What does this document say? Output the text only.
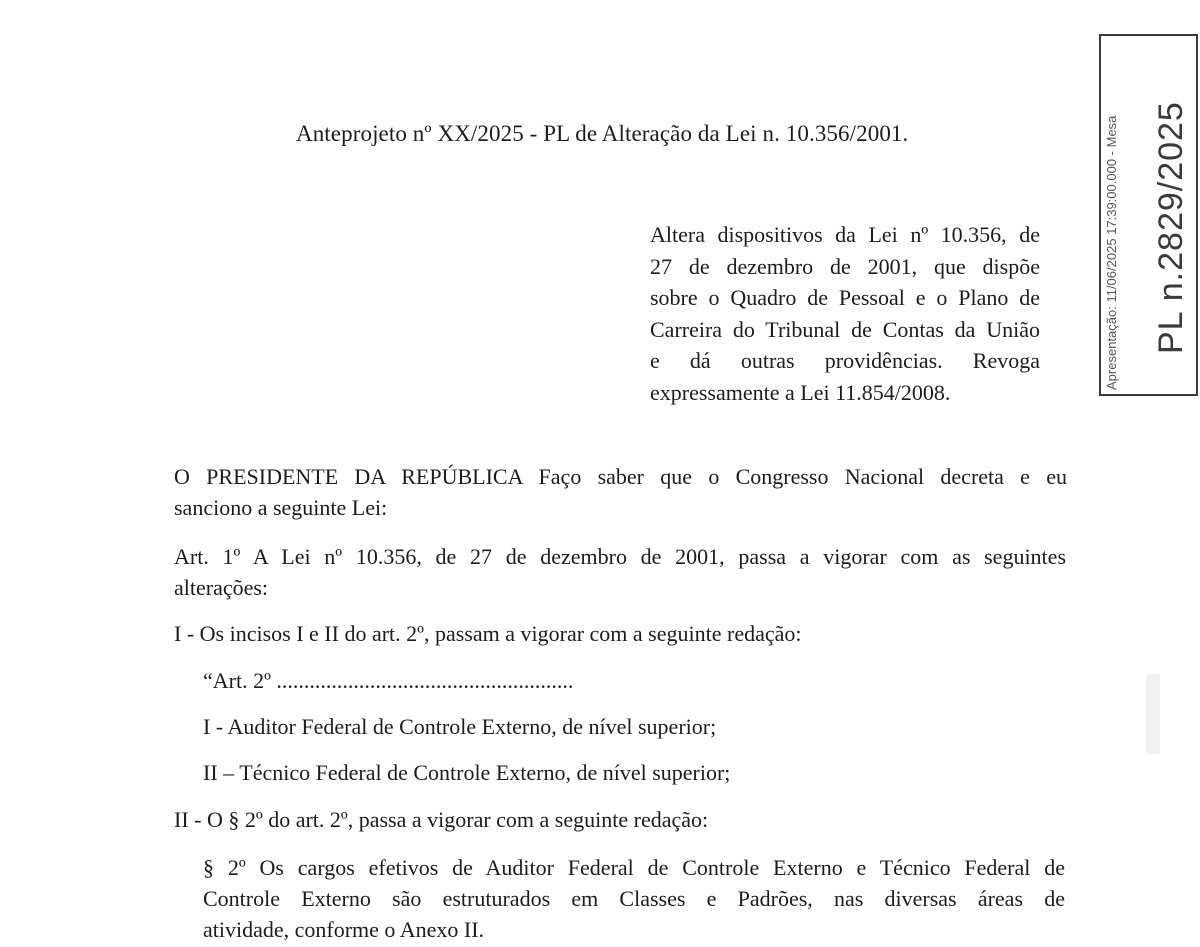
Anteprojeto nº XX/2025 - PL de Alteração da Lei n. 10.356/2001.
Altera dispositivos da Lei nº 10.356, de
27 de dezembro de 2001, que dispõe
sobre o Quadro de Pessoal e o Plano de
Carreira do Tribunal de Contas da União
e dá outras providências. Revoga
expressamente a Lei 11.854/2008.
Apresentação: 11/06/2025 17:39:00.000 - Mesa PL n.2829/2025
O PRESIDENTE DA REPÚBLICA Faço saber que o Congresso Nacional decreta e eu
sanciono a seguinte Lei:
Art. 1º A Lei nº 10.356, de 27 de dezembro de 2001, passa a vigorar com as seguintes
alterações:
I - Os incisos I e II do art. 2º, passam a vigorar com a seguinte redação:
“Art. 2º ......................................................
I - Auditor Federal de Controle Externo, de nível superior;
II – Técnico Federal de Controle Externo, de nível superior;
II - O § 2º do art. 2º, passa a vigorar com a seguinte redação:
§ 2º Os cargos efetivos de Auditor Federal de Controle Externo e Técnico Federal de
Controle Externo são estruturados em Classes e Padrões, nas diversas áreas de
atividade, conforme o Anexo II.
